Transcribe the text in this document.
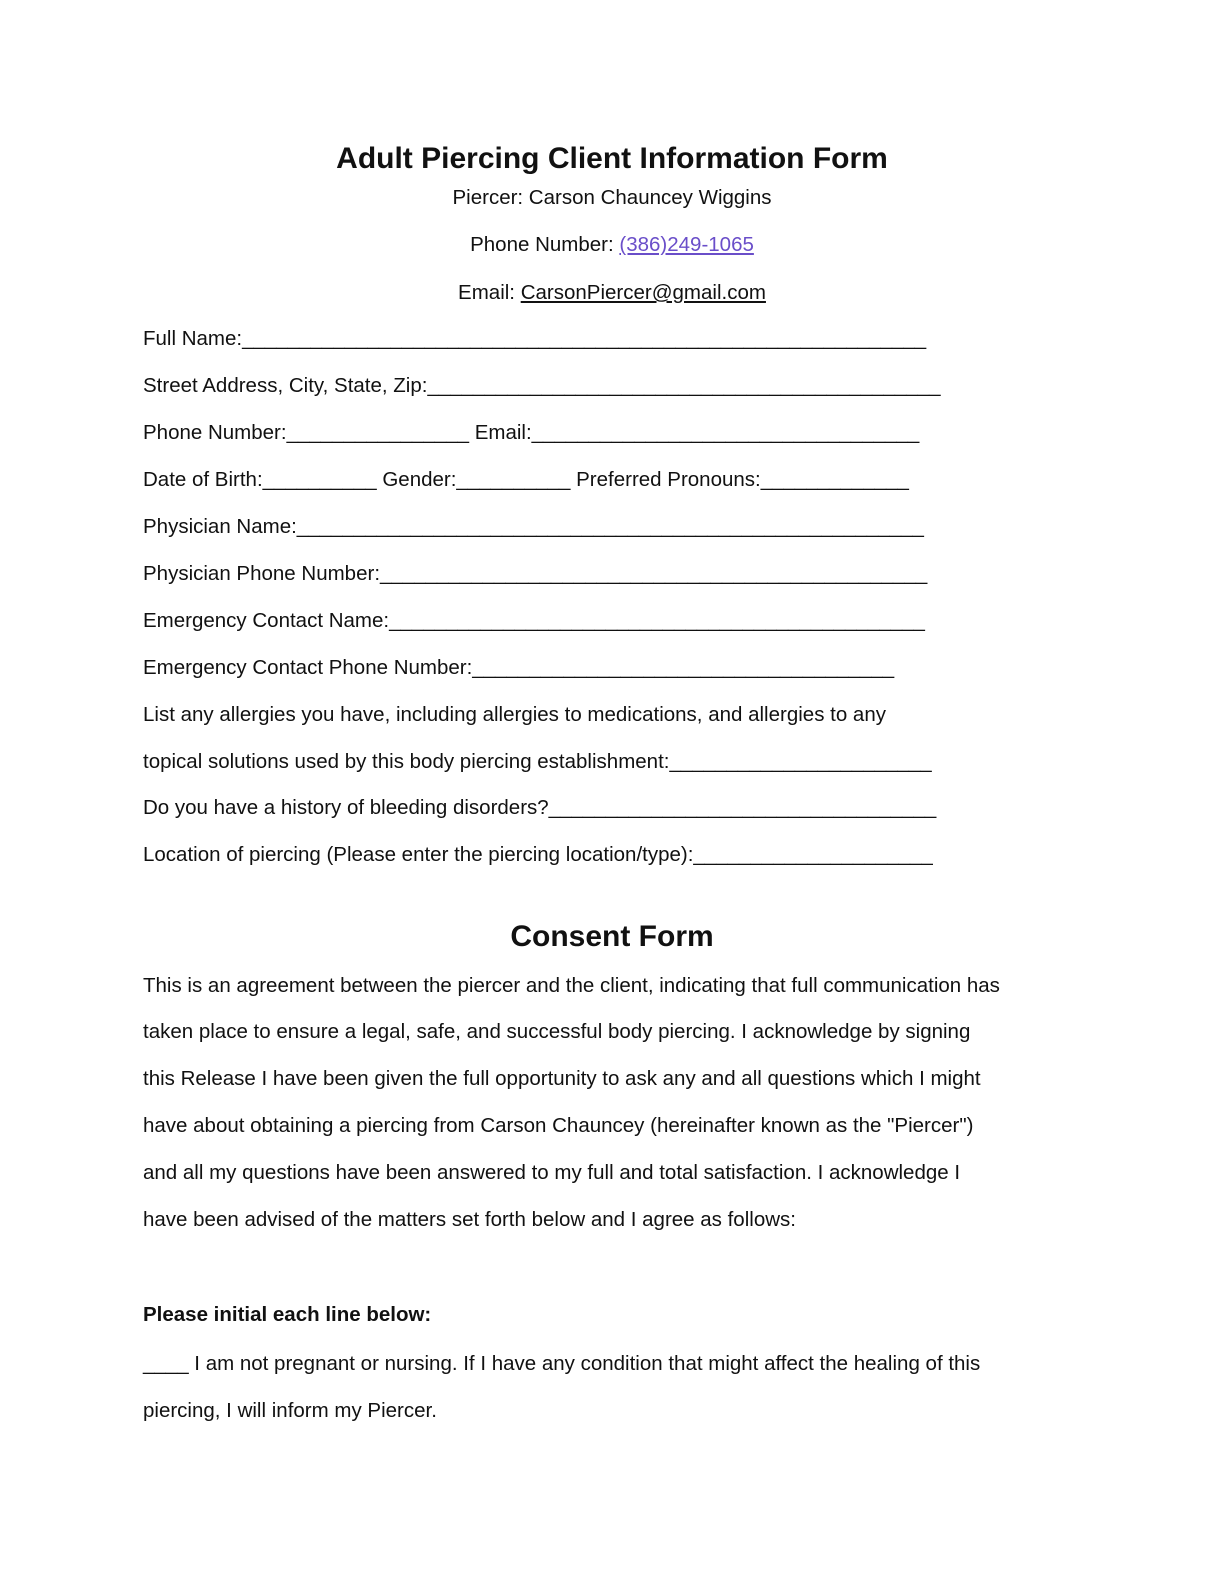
Adult Piercing Client Information Form
Piercer: Carson Chauncey Wiggins
Phone Number: (386)249-1065
Email: CarsonPiercer@gmail.com
Full Name:____________________________________________________________
Street Address, City, State, Zip:_____________________________________________
Phone Number:________________ Email:__________________________________
Date of Birth:__________ Gender:__________ Preferred Pronouns:_____________
Physician Name:_______________________________________________________
Physician Phone Number:________________________________________________
Emergency Contact Name:_______________________________________________
Emergency Contact Phone Number:_____________________________________
List any allergies you have, including allergies to medications, and allergies to any
topical solutions used by this body piercing establishment:_______________________
Do you have a history of bleeding disorders?__________________________________
Location of piercing (Please enter the piercing location/type):_____________________
Consent Form
This is an agreement between the piercer and the client, indicating that full communication has
taken place to ensure a legal, safe, and successful body piercing. I acknowledge by signing
this Release I have been given the full opportunity to ask any and all questions which I might
have about obtaining a piercing from Carson Chauncey (hereinafter known as the "Piercer")
and all my questions have been answered to my full and total satisfaction. I acknowledge I
have been advised of the matters set forth below and I agree as follows:
Please initial each line below:
____ I am not pregnant or nursing. If I have any condition that might affect the healing of this
piercing, I will inform my Piercer.
